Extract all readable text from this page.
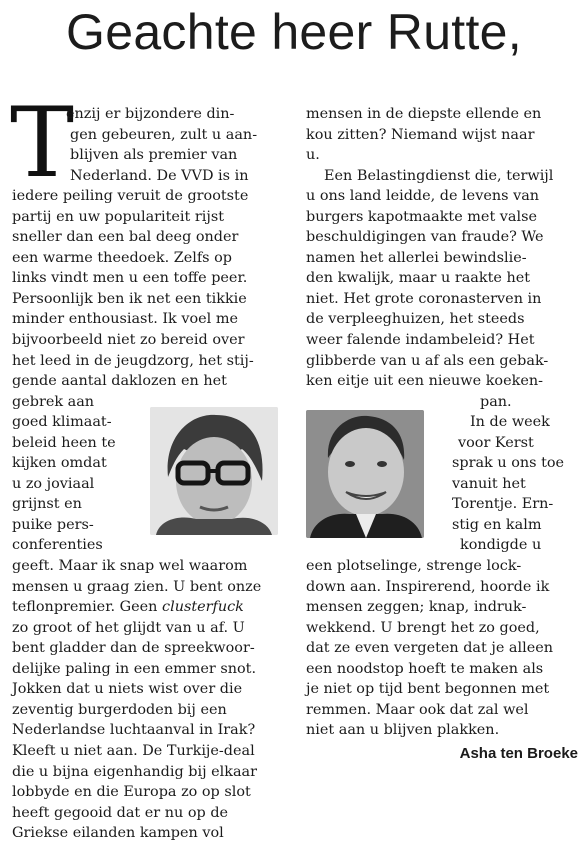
Geachte heer Rutte,
T
enzij er bijzondere din-
gen gebeuren, zult u aan-
blijven als premier van
Nederland. De VVD is in
iedere peiling veruit de grootste
partij en uw populariteit rijst
sneller dan een bal deeg onder
een warme theedoek. Zelfs op
links vindt men u een toffe peer.
Persoonlijk ben ik net een tikkie
minder enthousiast. Ik voel me
bijvoorbeeld niet zo bereid over
het leed in de jeugdzorg, het stij-
gende aantal daklozen en het
gebrek aan
goed klimaat-
beleid heen te
kijken omdat
u zo joviaal
grijnst en
puike pers-
conferenties
geeft. Maar ik snap wel waarom
mensen u graag zien. U bent onze
teflonpremier. Geen clusterfuck
zo groot of het glijdt van u af. U
bent gladder dan de spreekwoor-
delijke paling in een emmer snot.
Jokken dat u niets wist over die
zeventig burgerdoden bij een
Nederlandse luchtaanval in Irak?
Kleeft u niet aan. De Turkije-deal
die u bijna eigenhandig bij elkaar
lobbyde en die Europa zo op slot
heeft gegooid dat er nu op de
Griekse eilanden kampen vol
mensen in de diepste ellende en
kou zitten? Niemand wijst naar
u.
Een Belastingdienst die, terwijl
u ons land leidde, de levens van
burgers kapotmaakte met valse
beschuldigingen van fraude? We
namen het allerlei bewindslie-
den kwalijk, maar u raakte het
niet. Het grote coronasterven in
de verpleeghuizen, het steeds
weer falende indambeleid? Het
glibberde van u af als een gebak-
ken eitje uit een nieuwe koeken-
pan.
In de week
voor Kerst
sprak u ons toe
vanuit het
Torentje. Ern-
stig en kalm
kondigde u
een plotselinge, strenge lock-
down aan. Inspirerend, hoorde ik
mensen zeggen; knap, indruk-
wekkend. U brengt het zo goed,
dat ze even vergeten dat je alleen
een noodstop hoeft te maken als
je niet op tijd bent begonnen met
remmen. Maar ook dat zal wel
niet aan u blijven plakken.
Asha ten Broeke
